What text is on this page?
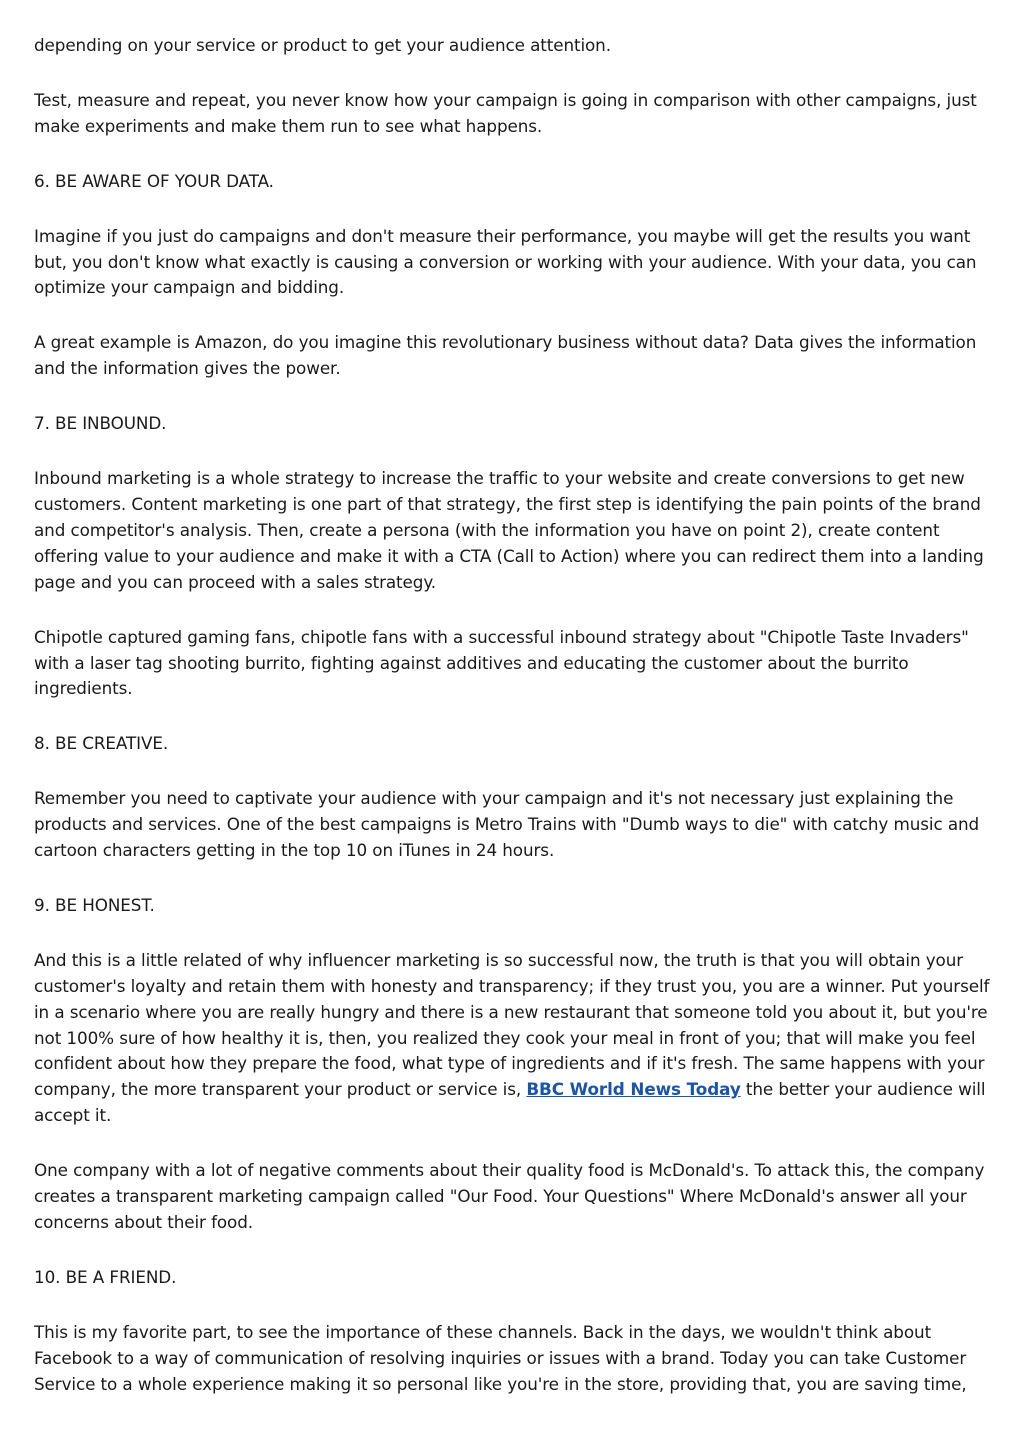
depending on your service or product to get your audience attention.

Test, measure and repeat, you never know how your campaign is going in comparison with other campaigns, just make experiments and make them run to see what happens.

6. BE AWARE OF YOUR DATA.

Imagine if you just do campaigns and don't measure their performance, you maybe will get the results you want but, you don't know what exactly is causing a conversion or working with your audience. With your data, you can optimize your campaign and bidding.

A great example is Amazon, do you imagine this revolutionary business without data? Data gives the information and the information gives the power.

7. BE INBOUND.

Inbound marketing is a whole strategy to increase the traffic to your website and create conversions to get new customers. Content marketing is one part of that strategy, the first step is identifying the pain points of the brand and competitor's analysis. Then, create a persona (with the information you have on point 2), create content offering value to your audience and make it with a CTA (Call to Action) where you can redirect them into a landing page and you can proceed with a sales strategy.

Chipotle captured gaming fans, chipotle fans with a successful inbound strategy about "Chipotle Taste Invaders" with a laser tag shooting burrito, fighting against additives and educating the customer about the burrito ingredients.

8. BE CREATIVE.

Remember you need to captivate your audience with your campaign and it's not necessary just explaining the products and services. One of the best campaigns is Metro Trains with "Dumb ways to die" with catchy music and cartoon characters getting in the top 10 on iTunes in 24 hours.

9. BE HONEST.

And this is a little related of why influencer marketing is so successful now, the truth is that you will obtain your customer's loyalty and retain them with honesty and transparency; if they trust you, you are a winner. Put yourself in a scenario where you are really hungry and there is a new restaurant that someone told you about it, but you're not 100% sure of how healthy it is, then, you realized they cook your meal in front of you; that will make you feel confident about how they prepare the food, what type of ingredients and if it's fresh. The same happens with your company, the more transparent your product or service is, BBC World News Today the better your audience will accept it.

One company with a lot of negative comments about their quality food is McDonald's. To attack this, the company creates a transparent marketing campaign called "Our Food. Your Questions" Where McDonald's answer all your concerns about their food.

10. BE A FRIEND.

This is my favorite part, to see the importance of these channels. Back in the days, we wouldn't think about Facebook to a way of communication of resolving inquiries or issues with a brand. Today you can take Customer Service to a whole experience making it so personal like you're in the store, providing that, you are saving time,
